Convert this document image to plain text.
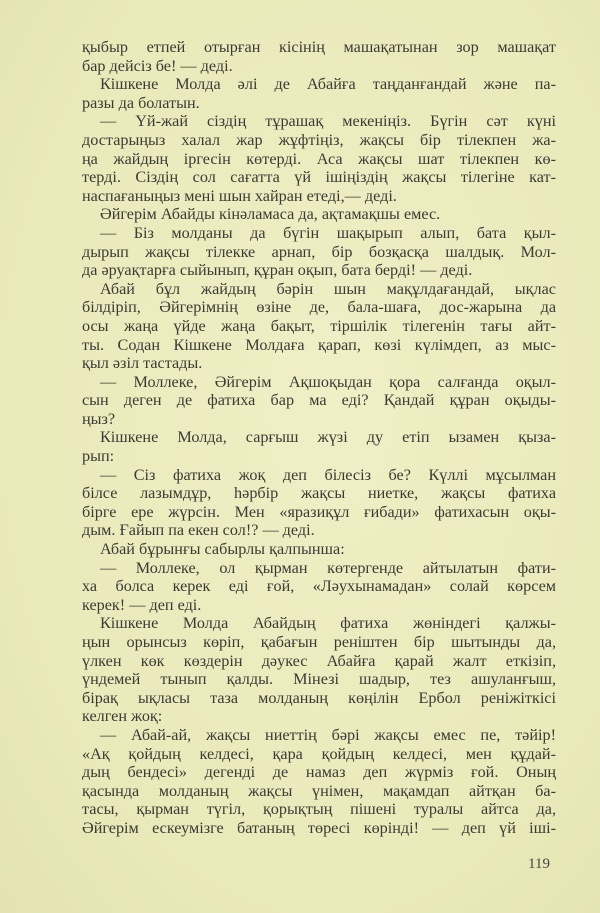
қыбыр етпей отырған кісінің машақатынан зор машақат
бар дейсіз бе! — деді.
Кішкене Молда әлі де Абайға таңданғандай және па-
разы да болатын.
— Үй-жай сіздің тұрашақ мекеніңіз. Бүгін сәт күні
достарыңыз халал жар жұфтіңіз, жақсы бір тілекпен жа-
ңа жайдың іргесін көтерді. Аса жақсы шат тілекпен кө-
терді. Сіздің сол сағатта үй ішіңіздің жақсы тілегіне кат-
наспағаныңыз мені шын хайран етеді,— деді.
Әйгерім Абайды кінәламаса да, ақтамақшы емес.
— Біз молданы да бүгін шақырып алып, бата қыл-
дырып жақсы тілекке арнап, бір бозқасқа шалдық. Мол-
да әруақтарға сыйынып, құран оқып, бата берді! — деді.
Абай бұл жайдың бәрін шын мақұлдағандай, ықлас
білдіріп, Әйгерімнің өзіне де, бала-шаға, дос-жарына да
осы жаңа үйде жаңа бақыт, тіршілік тілегенін тағы айт-
ты. Содан Кішкене Молдаға қарап, көзі күлімдеп, аз мыс-
қыл әзіл тастады.
— Моллеке, Әйгерім Ақшоқыдан қора салғанда оқыл-
сын деген де фатиха бар ма еді? Қандай құран оқыды-
ңыз?
Кішкене Молда, сарғыш жүзі ду етіп ызамен қыза-
рып:
— Сіз фатиха жоқ деп білесіз бе? Күллі мұсылман
білсе лазымдұр, һәрбір жақсы ниетке, жақсы фатиха
бірге ере жүрсін. Мен «яразиқұл ғибади» фатихасын оқы-
дым. Ғайып па екен сол!? — деді.
Абай бұрынғы сабырлы қалпынша:
— Моллеке, ол қырман көтергенде айтылатын фати-
ха болса керек еді ғой, «Ләухынамадан» солай көрсем
керек! — деп еді.
Кішкене Молда Абайдың фатиха жөніндегі қалжы-
ңын орынсыз көріп, қабағын реніштен бір шытынды да,
үлкен көк көздерін дәукес Абайға қарай жалт еткізіп,
үндемей тынып қалды. Мінезі шадыр, тез ашуланғыш,
бірақ ықласы таза молданың көңілін Ербол реніжіткісі
келген жоқ:
— Абай-ай, жақсы ниеттің бәрі жақсы емес пе, тәйір!
«Ақ қойдың келдесі, қара қойдың келдесі, мен құдай-
дың бендесі» дегенді де намаз деп жүрміз ғой. Оның
қасында молданың жақсы үнімен, мақамдап айтқан ба-
тасы, қырман түгіл, қорықтың пішені туралы айтса да,
Әйгерім ескеумізге батаның төресі көрінді! — деп үй іші-
119
